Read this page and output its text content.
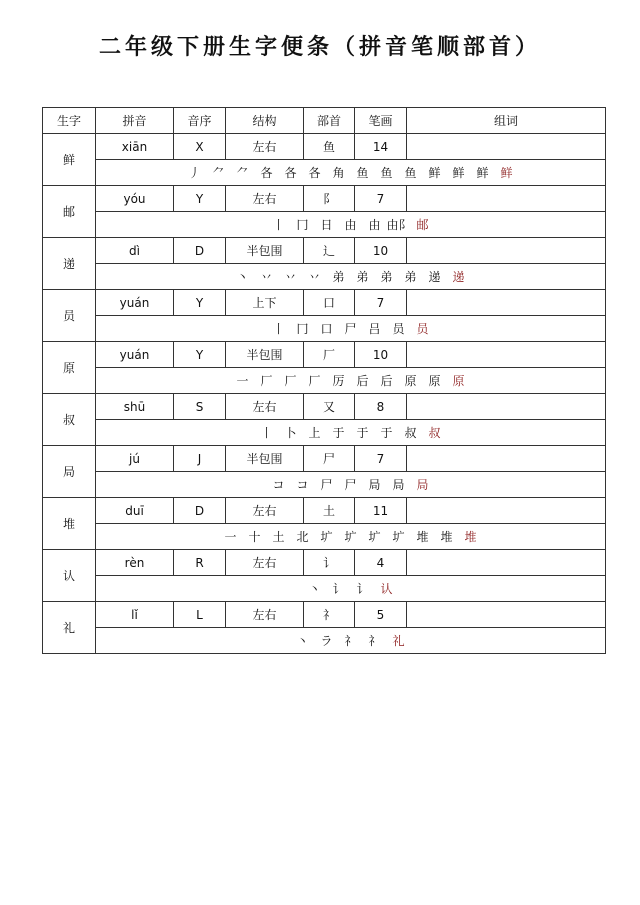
二年级下册生字便条（拼音笔顺部首）
生字	拼音	音序	结构	部首	笔画	组词
鲜	xiān	X	左右	鱼	14	
	丿 ⺈ ⺈ 各 各 各 角 鱼 鱼 鱼 鲜 鲜 鲜 鲜					
邮	yóu	Y	左右	阝	7	
	丨 冂 日 由 由 由阝 邮					
递	dì	D	半包围	辶	10	
	丶 丷 丷 丷 弟 弟 弟 弟 递 递					
员	yuán	Y	上下	口	7	
	丨 冂 口 尸 吕 员 员					
原	yuán	Y	半包围	厂	10	
	一 厂 厂 厂 厉 后 后 原 原 原					
叔	shū	S	左右	又	8	
	丨 卜 上 于 于 于 叔 叔					
局	jú	J	半包围	尸	7	
	コ コ 尸 尸 局 局 局					
堆	duī	D	左右	土	11	
	一 十 土 北 圹 圹 圹 圹 堆 堆 堆					
认	rèn	R	左右	讠	4	
	丶 讠 讠 认					
礼	lǐ	L	左右	礻	5	
	丶 ラ 礻 礻 礼					
